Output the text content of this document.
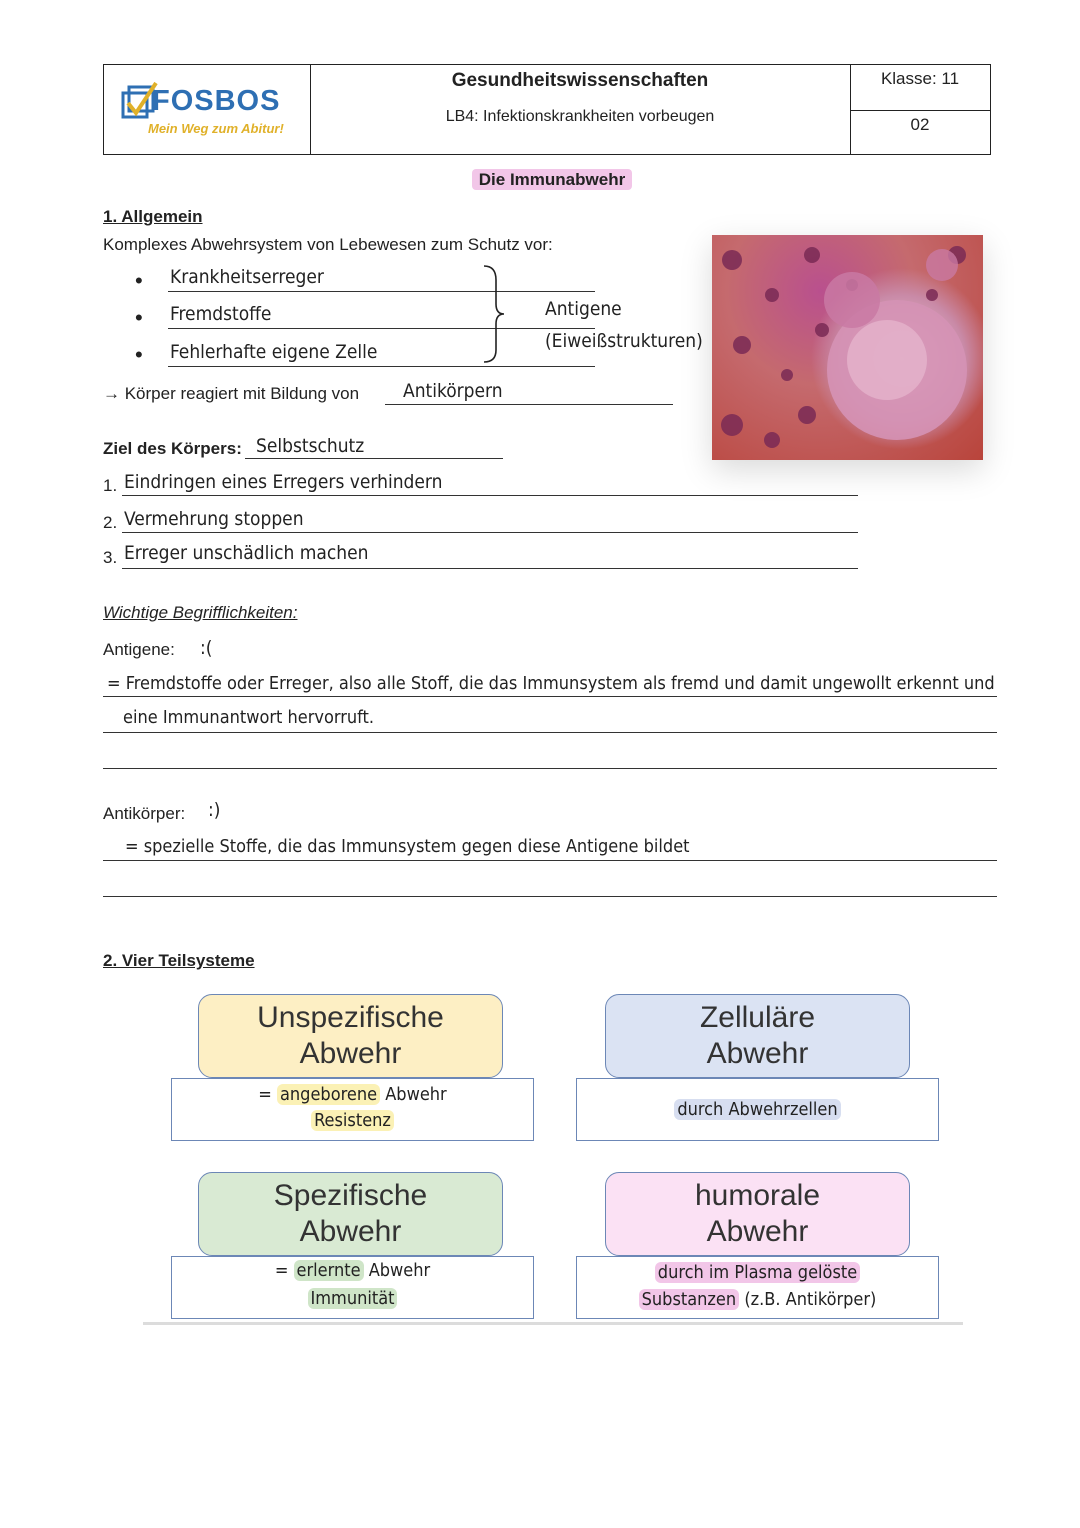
FOSBOS
Mein Weg zum Abitur!
Gesundheitswissenschaften
LB4: Infektionskrankheiten vorbeugen
Klasse: 11
02
Die Immunabwehr
1. Allgemein
Komplexes Abwehrsystem von Lebewesen zum Schutz vor:
• Krankheitserreger
• Fremdstoffe
• Fehlerhafte eigene Zelle
Antigene
(Eiweißstrukturen)
→ Körper reagiert mit Bildung von Antikörpern
Ziel des Körpers: Selbstschutz
1. Eindringen eines Erregers verhindern
2. Vermehrung stoppen
3. Erreger unschädlich machen
Wichtige Begrifflichkeiten:
Antigene: :(
= Fremdstoffe oder Erreger, also alle Stoff, die das Immunsystem als fremd und damit ungewollt erkennt und
eine Immunantwort hervorruft.
Antikörper: :)
= spezielle Stoffe, die das Immunsystem gegen diese Antigene bildet
2. Vier Teilsysteme
Unspezifische
Abwehr
= angeborene Abwehr
Resistenz
Zelluläre
Abwehr
durch Abwehrzellen
Spezifische
Abwehr
= erlernte Abwehr
Immunität
humorale
Abwehr
durch im Plasma gelöste
Substanzen (z.B. Antikörper)
